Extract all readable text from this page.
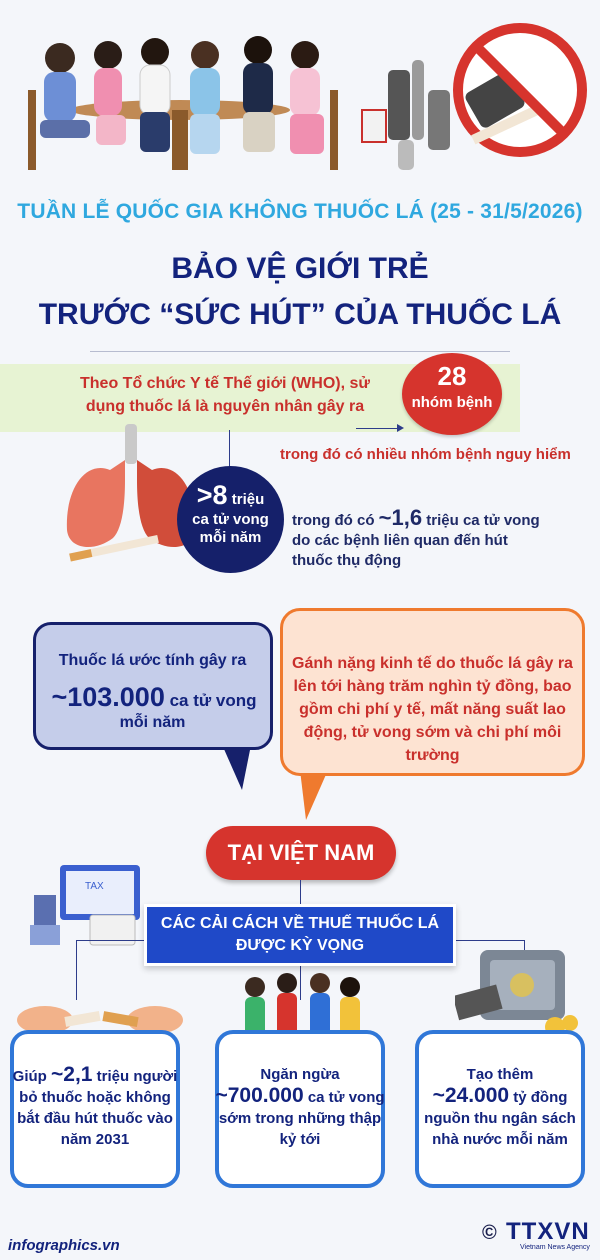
TUẦN LỄ QUỐC GIA KHÔNG THUỐC LÁ (25 - 31/5/2026)
BẢO VỆ GIỚI TRẺ
TRƯỚC “SỨC HÚT” CỦA THUỐC LÁ
Theo Tổ chức Y tế Thế giới (WHO), sử dụng thuốc lá là nguyên nhân gây ra
28
nhóm bệnh
trong đó có nhiều nhóm bệnh nguy hiểm
>8 triệu
ca tử vong
mỗi năm
trong đó có ~1,6 triệu ca tử vong do các bệnh liên quan đến hút thuốc thụ động
Thuốc lá ước tính gây ra
~103.000 ca tử vong
mỗi năm
Gánh nặng kinh tế do thuốc lá gây ra lên tới hàng trăm nghìn tỷ đồng, bao gồm chi phí y tế, mất năng suất lao động, tử vong sớm và chi phí môi trường
TAX
TẠI VIỆT NAM
CÁC CẢI CÁCH VỀ THUẾ THUỐC LÁ ĐƯỢC KỲ VỌNG
Giúp ~2,1 triệu người bỏ thuốc hoặc không bắt đầu hút thuốc vào năm 2031
Ngăn ngừa
~700.000 ca tử vong sớm trong những thập kỷ tới
Tạo thêm
~24.000 tỷ đồng nguồn thu ngân sách nhà nước mỗi năm
infographics.vn
© TTXVN
Vietnam News Agency
